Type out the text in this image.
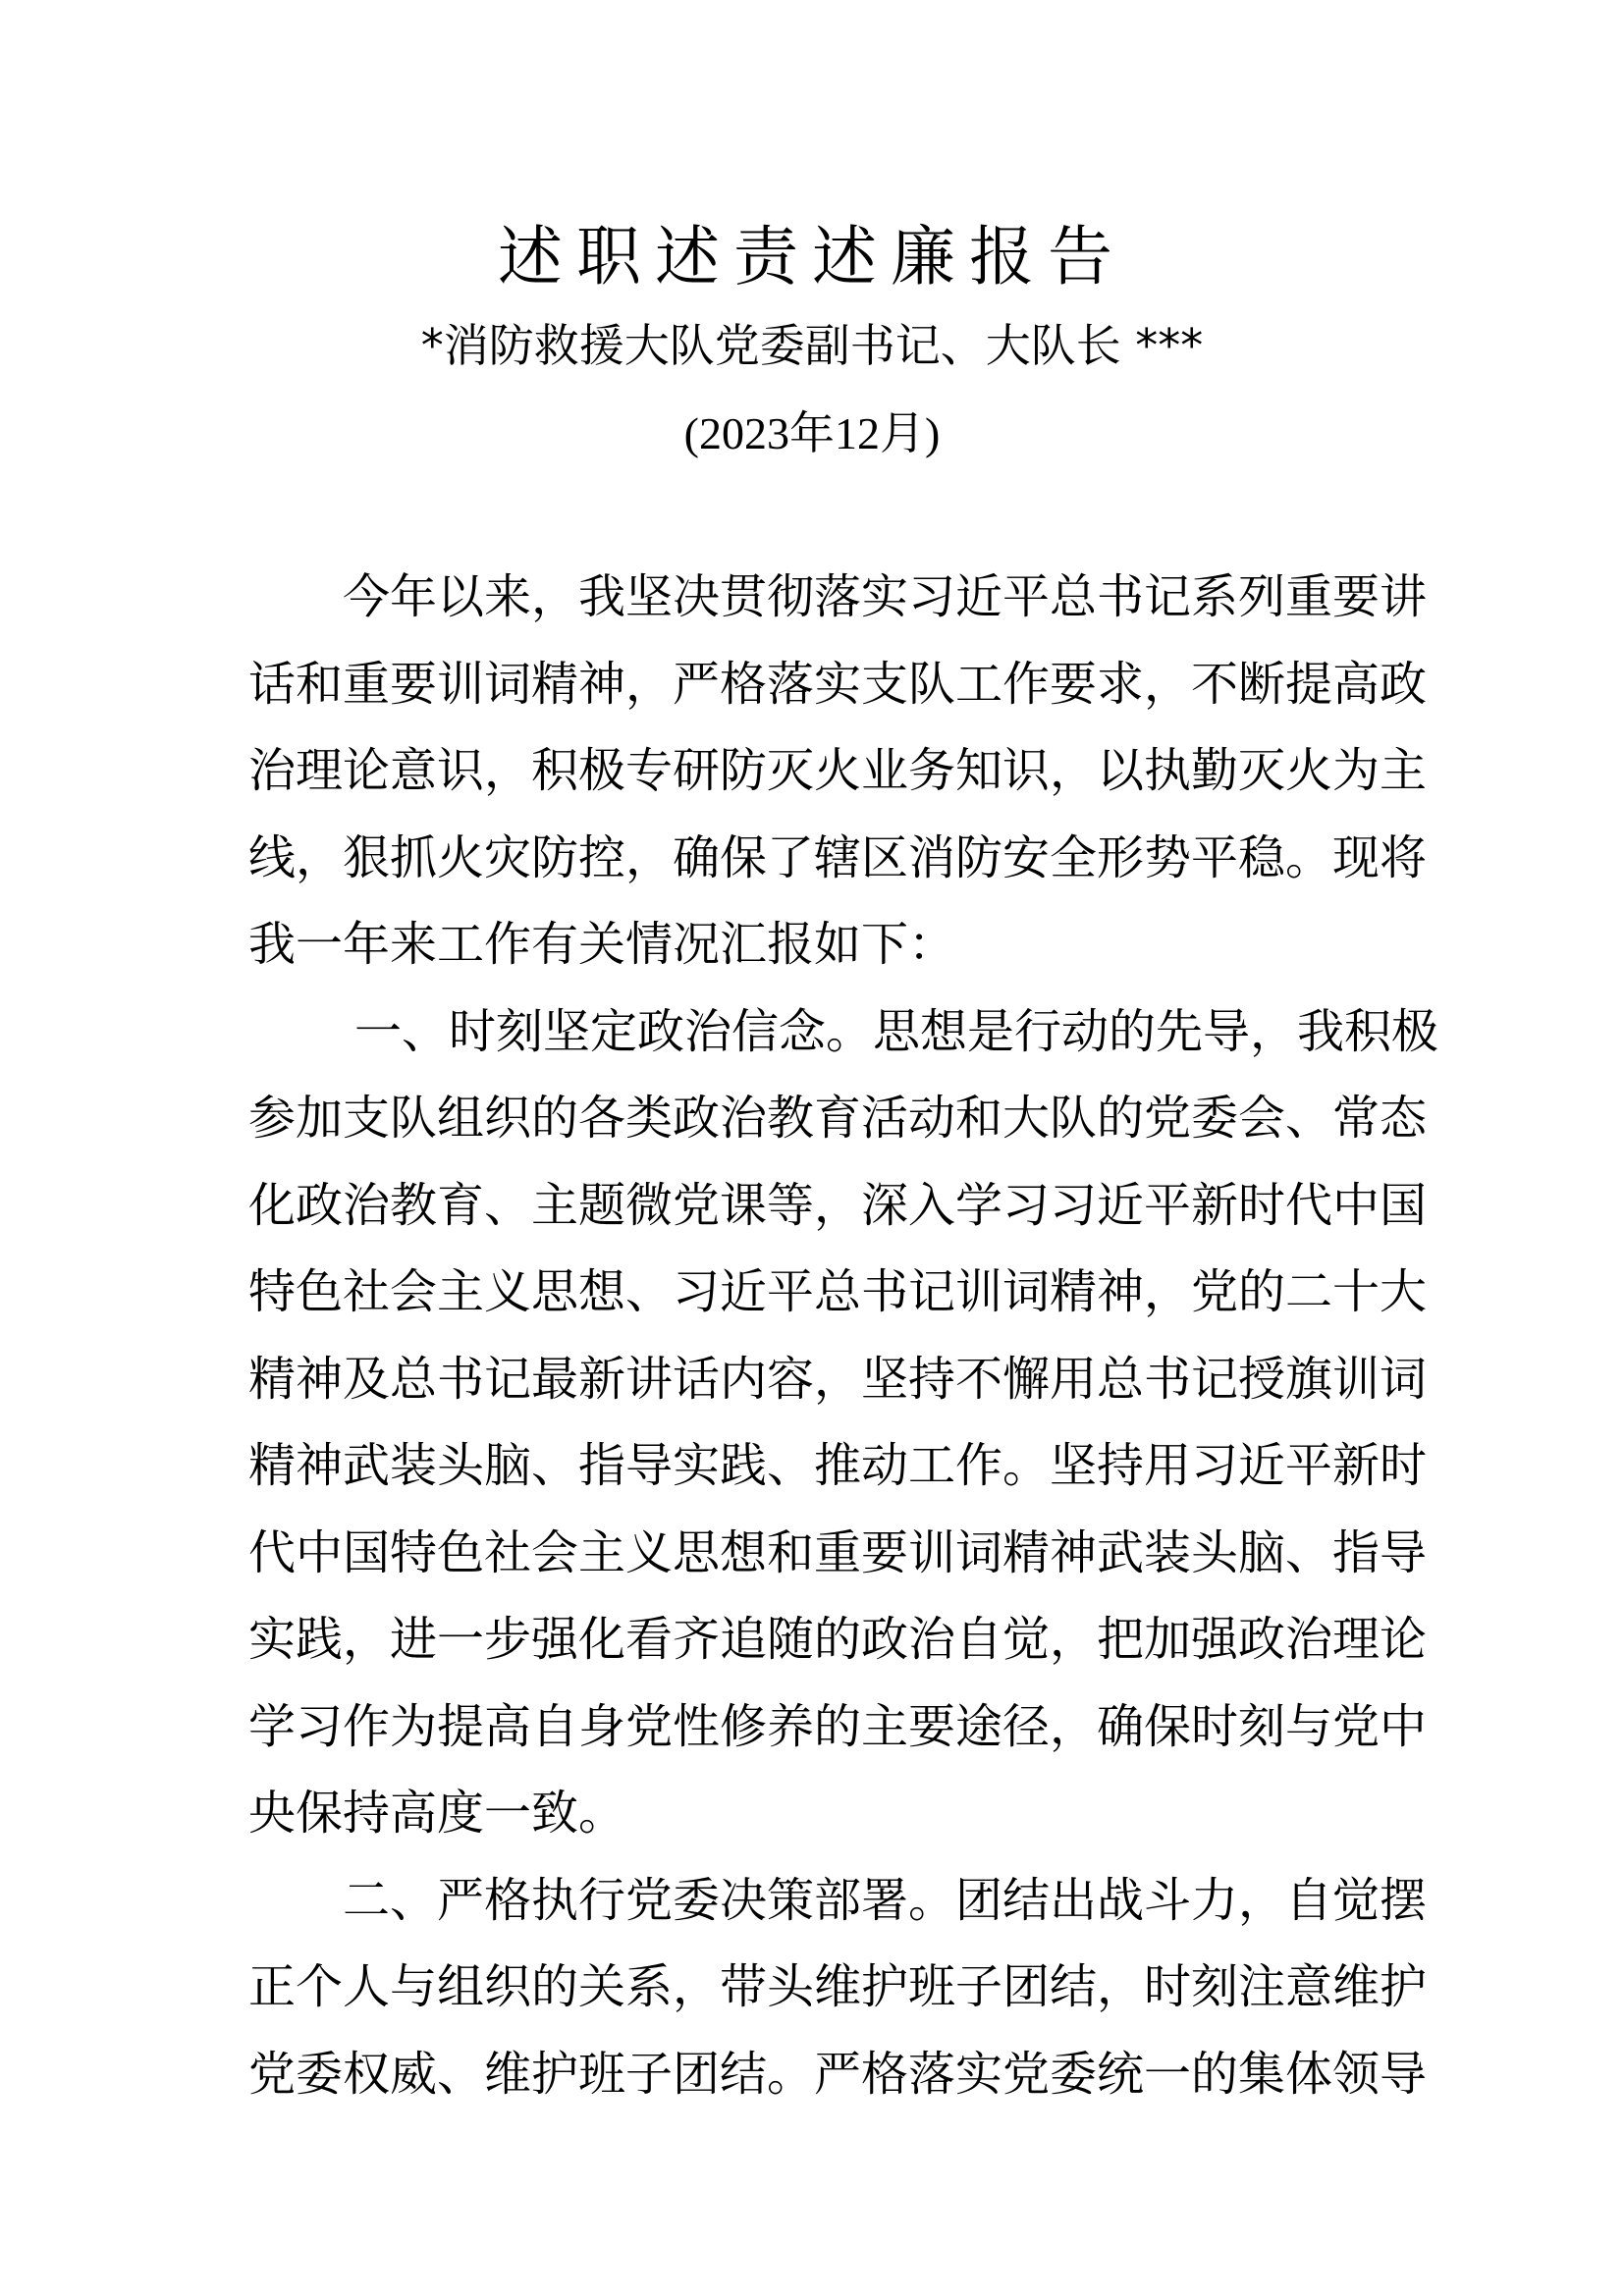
述职述责述廉报告
*消防救援大队党委副书记、大队长 ***
(2023年12月)
今年以来，我坚决贯彻落实习近平总书记系列重要讲
话和重要训词精神，严格落实支队工作要求，不断提高政
治理论意识，积极专研防灭火业务知识，以执勤灭火为主
线，狠抓火灾防控，确保了辖区消防安全形势平稳。现将
我一年来工作有关情况汇报如下：
一、时刻坚定政治信念。思想是行动的先导，我积极
参加支队组织的各类政治教育活动和大队的党委会、常态
化政治教育、主题微党课等，深入学习习近平新时代中国
特色社会主义思想、习近平总书记训词精神，党的二十大
精神及总书记最新讲话内容，坚持不懈用总书记授旗训词
精神武装头脑、指导实践、推动工作。坚持用习近平新时
代中国特色社会主义思想和重要训词精神武装头脑、指导
实践，进一步强化看齐追随的政治自觉，把加强政治理论
学习作为提高自身党性修养的主要途径，确保时刻与党中
央保持高度一致。
二、严格执行党委决策部署。团结出战斗力，自觉摆
正个人与组织的关系，带头维护班子团结，时刻注意维护
党委权威、维护班子团结。严格落实党委统一的集体领导
